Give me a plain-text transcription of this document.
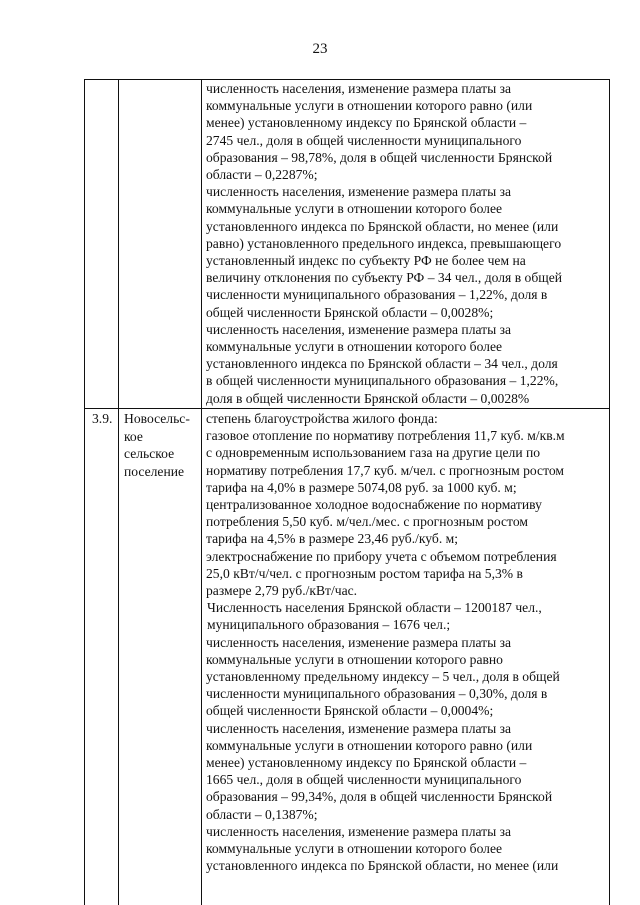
23
численность населения, изменение размера платы за
коммунальные услуги в отношении которого равно (или
менее) установленному индексу по Брянской области –
2745 чел., доля в общей численности муниципального
образования – 98,78%, доля в общей численности Брянской
области – 0,2287%;
численность населения, изменение размера платы за
коммунальные услуги в отношении которого более
установленного индекса по Брянской области, но менее (или
равно) установленного предельного индекса, превышающего
установленный индекс по субъекту РФ не более чем на
величину отклонения по субъекту РФ – 34 чел., доля в общей
численности муниципального образования – 1,22%, доля в
общей численности Брянской области – 0,0028%;
численность населения, изменение размера платы за
коммунальные услуги в отношении которого более
установленного индекса по Брянской области – 34 чел., доля
в общей численности муниципального образования – 1,22%,
доля в общей численности Брянской области – 0,0028%
3.9. Новосельс-
кое
сельское
поселение
степень благоустройства жилого фонда:
газовое отопление по нормативу потребления 11,7 куб. м/кв.м
с одновременным использованием газа на другие цели по
нормативу потребления 17,7 куб. м/чел. с прогнозным ростом
тарифа на 4,0% в размере 5074,08 руб. за 1000 куб. м;
централизованное холодное водоснабжение по нормативу
потребления 5,50 куб. м/чел./мес. с прогнозным ростом
тарифа на 4,5% в размере 23,46 руб./куб. м;
электроснабжение по прибору учета с объемом потребления
25,0 кВт/ч/чел. с прогнозным ростом тарифа на 5,3% в
размере 2,79 руб./кВт/час.
Численность населения Брянской области – 1200187 чел.,
муниципального образования – 1676 чел.;
численность населения, изменение размера платы за
коммунальные услуги в отношении которого равно
установленному предельному индексу – 5 чел., доля в общей
численности муниципального образования – 0,30%, доля в
общей численности Брянской области – 0,0004%;
численность населения, изменение размера платы за
коммунальные услуги в отношении которого равно (или
менее) установленному индексу по Брянской области –
1665 чел., доля в общей численности муниципального
образования – 99,34%, доля в общей численности Брянской
области – 0,1387%;
численность населения, изменение размера платы за
коммунальные услуги в отношении которого более
установленного индекса по Брянской области, но менее (или
